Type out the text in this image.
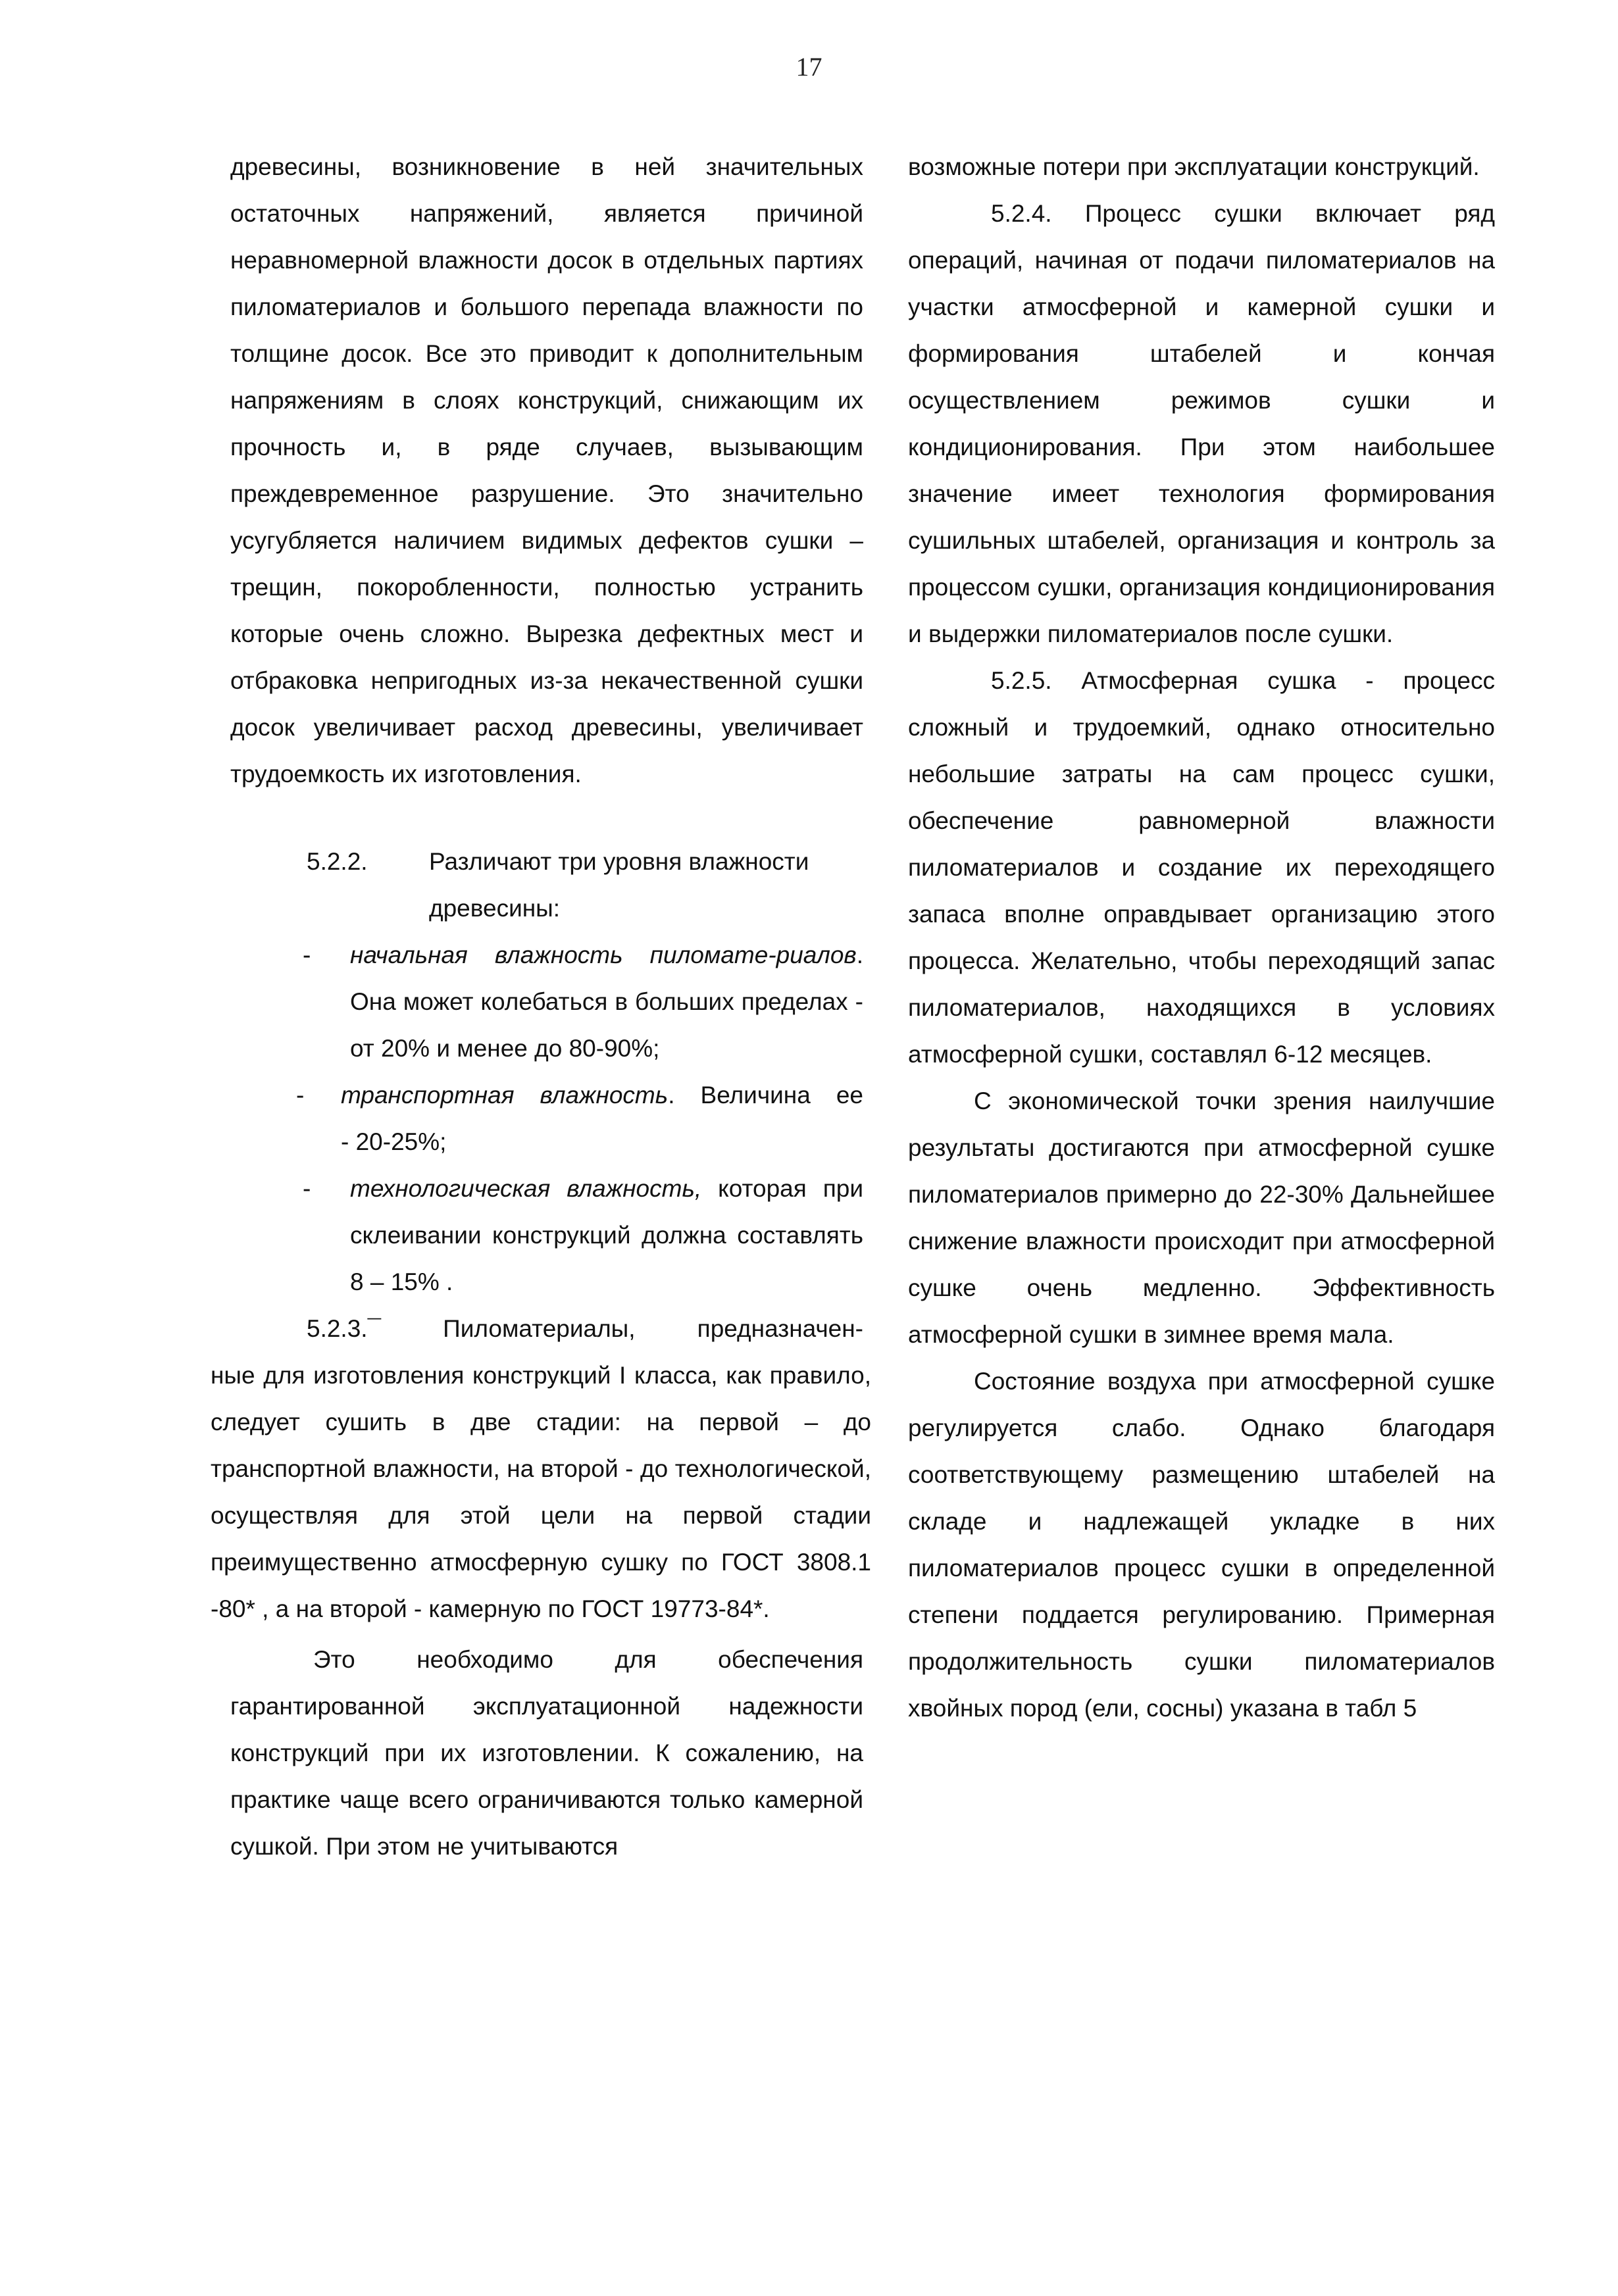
17

древесины, возникновение в ней значительных остаточных напряжений, является причиной неравномерной влажности досок в отдельных партиях пиломатериалов и большого перепада влажности по толщине досок. Все это приводит к дополнительным напряжениям в слоях конструкций, снижающим их прочность и, в ряде случаев, вызывающим преждевременное разрушение. Это значительно усугубляется наличием видимых дефектов сушки – трещин, покоробленности, полностью устранить которые очень сложно. Вырезка дефектных мест и отбраковка непригодных из-за некачественной сушки досок увеличивает расход древесины, увеличивает трудоемкость их изготовления.

5.2.2.	Различают три уровня влажности древесины:
- начальная влажность пиломате-риалов. Она может колебаться в больших пределах - от 20% и менее до 80-90%;
- транспортная влажность. Величина ее
- 20-25%;
- технологическая влажность, которая при склеивании конструкций должна составлять 8 – 15% .

5.2.3.¯ Пиломатериалы, предназначен-

ные для изготовления конструкций I класса, как правило, следует сушить в две стадии: на первой – до транспортной влажности, на второй - до технологической, осуществляя для этой цели на первой стадии преимущественно атмосферную сушку по ГОСТ 3808.1 -80* , а на второй - камерную по ГОСТ 19773-84*.

Это необходимо для обеспечения гарантированной эксплуатационной надежности конструкций при их изготовлении. К сожалению, на практике чаще всего ограничиваются только камерной сушкой. При этом не учитываются

возможные потери при эксплуатации конструкций.

5.2.4. Процесс сушки включает ряд операций, начиная от подачи пиломатериалов на участки атмосферной и камерной сушки и формирования штабелей и кончая осуществлением режимов сушки и кондиционирования. При этом наибольшее значение имеет технология формирования сушильных штабелей, организация и контроль за процессом сушки, организация кондиционирования и выдержки пиломатериалов после сушки.

5.2.5. Атмосферная сушка - процесс сложный и трудоемкий, однако относительно небольшие затраты на сам процесс сушки, обеспечение равномерной влажности пиломатериалов и создание их переходящего запаса вполне оправдывает организацию этого процесса. Желательно, чтобы переходящий запас пиломатериалов, находящихся в условиях атмосферной сушки, составлял 6-12 месяцев.

С экономической точки зрения наилучшие результаты достигаются при атмосферной сушке пиломатериалов примерно до 22-30% Дальнейшее снижение влажности происходит при атмосферной сушке очень медленно. Эффективность атмосферной сушки в зимнее время мала.

Состояние воздуха при атмосферной сушке регулируется слабо. Однако благодаря соответствующему размещению штабелей на складе и надлежащей укладке в них пиломатериалов процесс сушки в определенной степени поддается регулированию. Примерная продолжительность сушки пиломатериалов хвойных пород (ели, сосны) указана в табл 5
